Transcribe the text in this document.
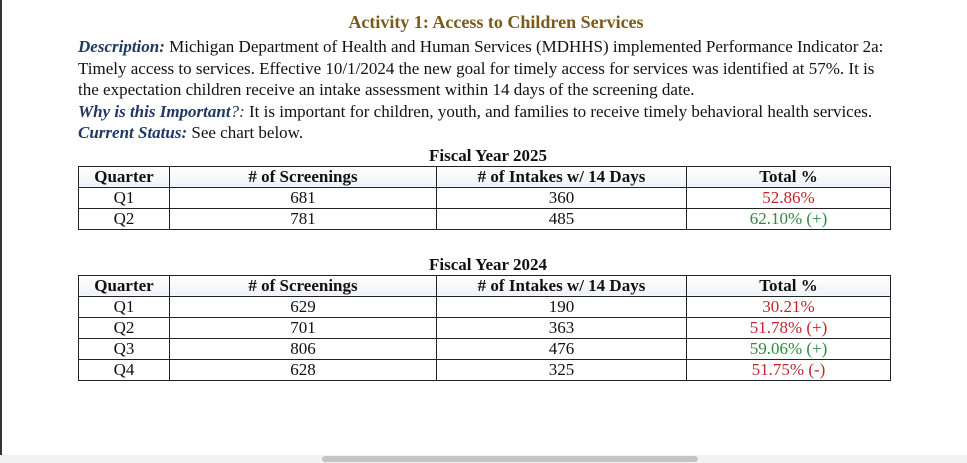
Activity 1: Access to Children Services

Description: Michigan Department of Health and Human Services (MDHHS) implemented Performance Indicator 2a: Timely access to services. Effective 10/1/2024 the new goal for timely access for services was identified at 57%. It is the expectation children receive an intake assessment within 14 days of the screening date.

Why is this Important?: It is important for children, youth, and families to receive timely behavioral health services.

Current Status: See chart below.

Fiscal Year 2025
Quarter	# of Screenings	# of Intakes w/ 14 Days	Total %
Q1	681	360	52.86%
Q2	781	485	62.10% (+)
Fiscal Year 2024
Quarter	# of Screenings	# of Intakes w/ 14 Days	Total %
Q1	629	190	30.21%
Q2	701	363	51.78% (+)
Q3	806	476	59.06% (+)
Q4	628	325	51.75% (-)
